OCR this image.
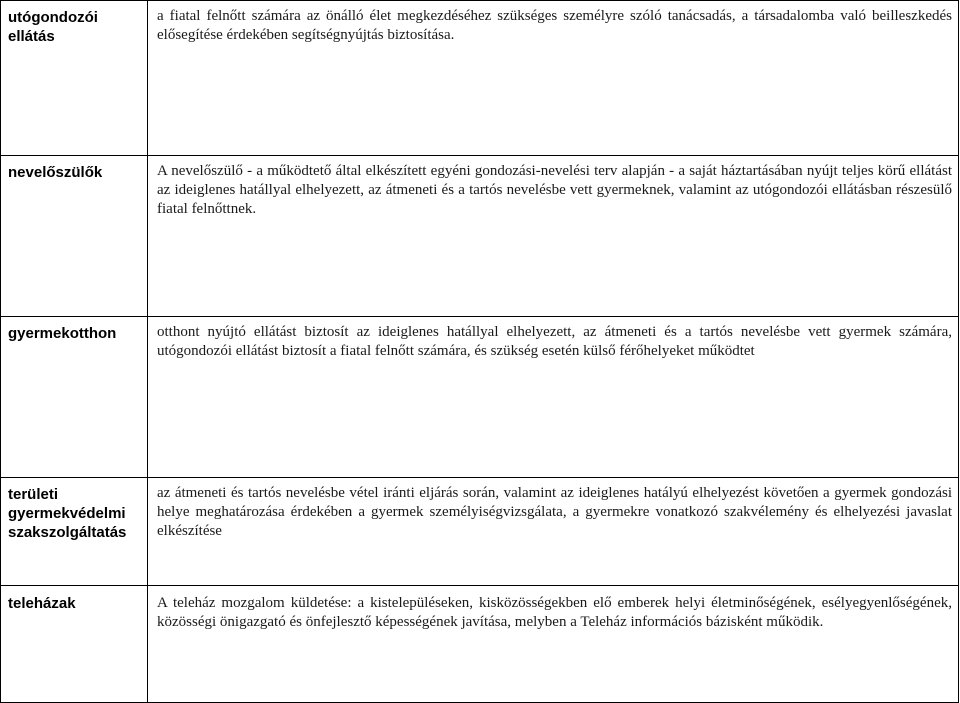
utógondozói ellátás	a fiatal felnőtt számára az önálló élet megkezdéséhez szükséges személyre szóló tanácsadás, a társadalomba való beilleszkedés elősegítése érdekében segítségnyújtás biztosítása.
nevelőszülők	A nevelőszülő - a működtető által elkészített egyéni gondozási-nevelési terv alapján - a saját háztartásában nyújt teljes körű ellátást az ideiglenes hatállyal elhelyezett, az átmeneti és a tartós nevelésbe vett gyermeknek, valamint az utógondozói ellátásban részesülő fiatal felnőttnek.
gyermekotthon	otthont nyújtó ellátást biztosít az ideiglenes hatállyal elhelyezett, az átmeneti és a tartós nevelésbe vett gyermek számára, utógondozói ellátást biztosít a fiatal felnőtt számára, és szükség esetén külső férőhelyeket működtet
területi gyermekvédelmi szakszolgáltatás	az átmeneti és tartós nevelésbe vétel iránti eljárás során, valamint az ideiglenes hatályú elhelyezést követően a gyermek gondozási helye meghatározása érdekében a gyermek személyiségvizsgálata, a gyermekre vonatkozó szakvélemény és elhelyezési javaslat elkészítése
teleházak	A teleház mozgalom küldetése: a kistelepüléseken, kisközösségekben elő emberek helyi életminőségének, esélyegyenlőségének, közösségi önigazgató és önfejlesztő képességének javítása, melyben a Teleház információs bázisként működik.
